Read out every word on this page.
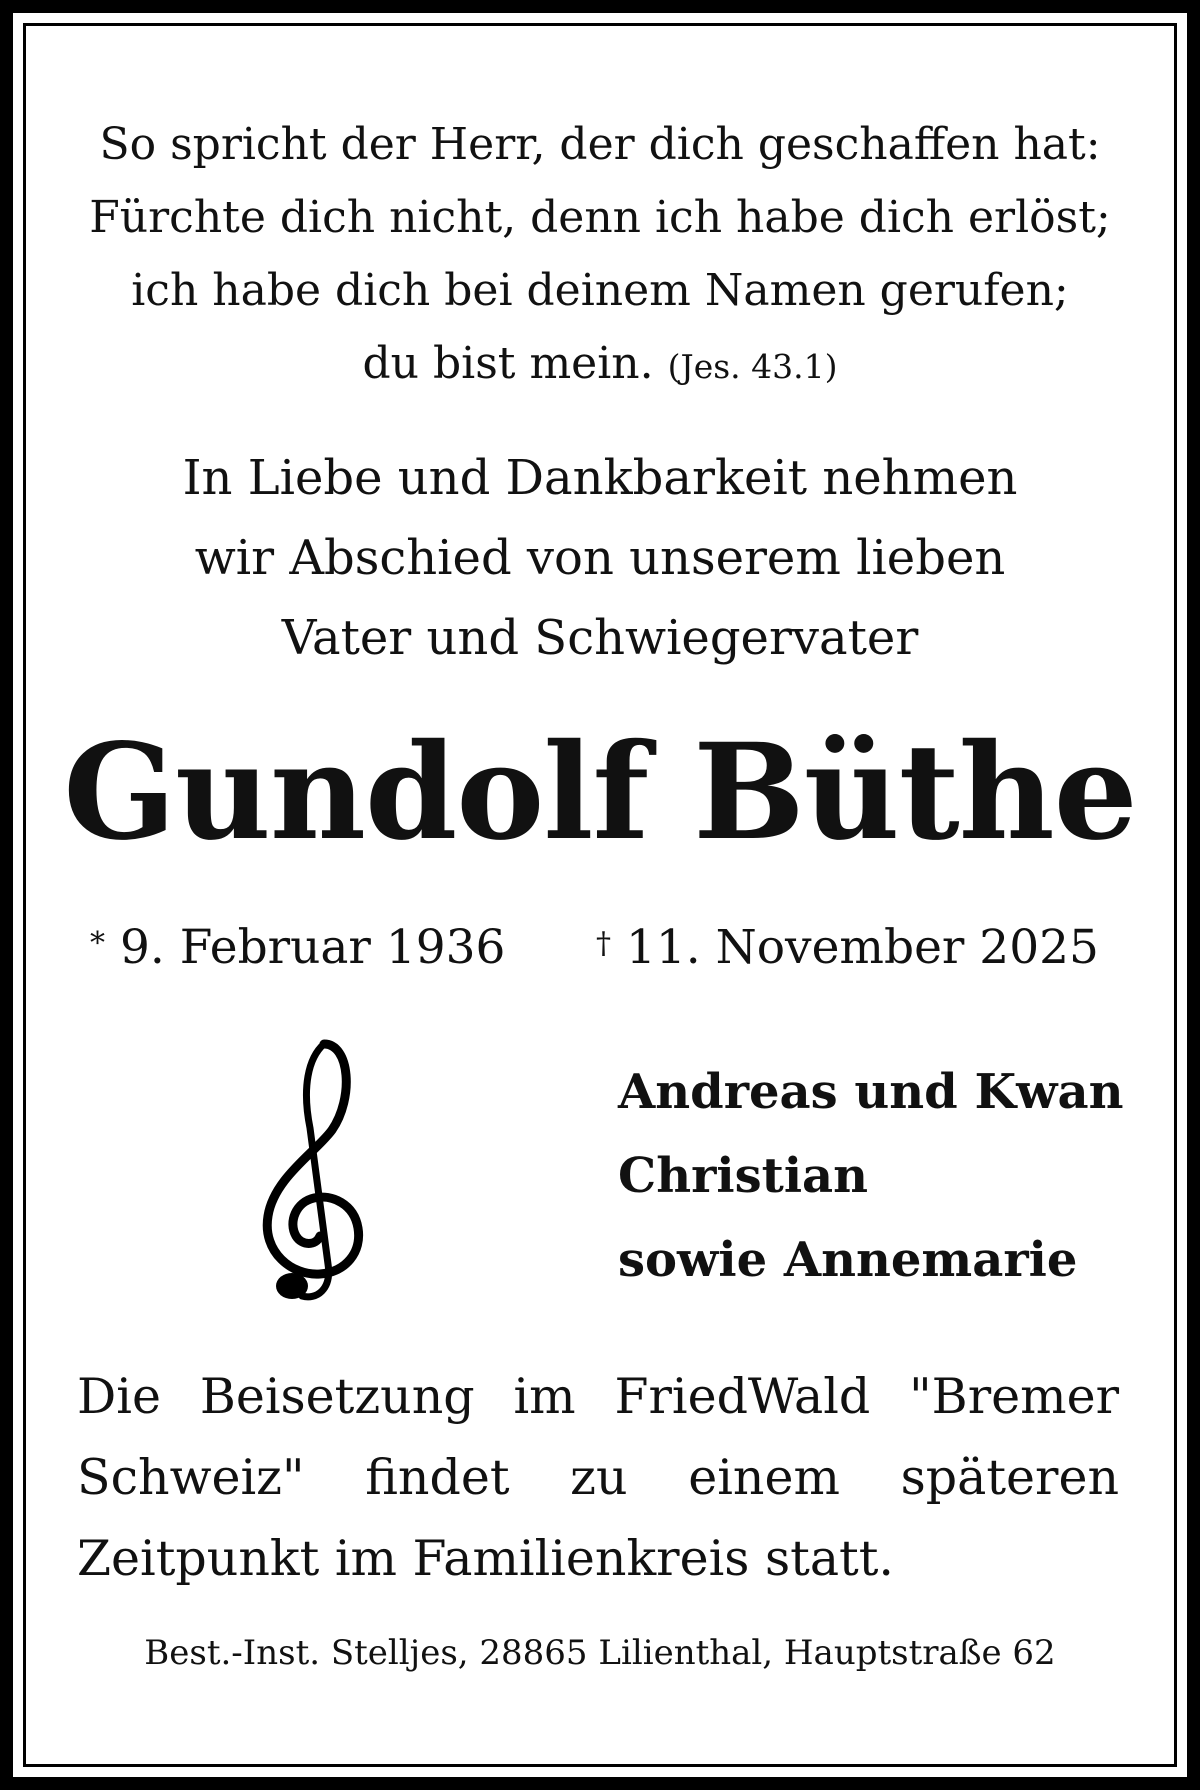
So spricht der Herr, der dich geschaffen hat:
Fürchte dich nicht, denn ich habe dich erlöst;
ich habe dich bei deinem Namen gerufen;
du bist mein. (Jes. 43.1)
In Liebe und Dankbarkeit nehmen
wir Abschied von unserem lieben
Vater und Schwiegervater
Gundolf Büthe
* 9. Februar 1936	† 11. November 2025
Andreas und Kwan
Christian
sowie Annemarie
Die Beisetzung im FriedWald "Bremer Schweiz" findet zu einem späteren Zeitpunkt im Familienkreis statt.
Best.-Inst. Stelljes, 28865 Lilienthal, Hauptstraße 62
